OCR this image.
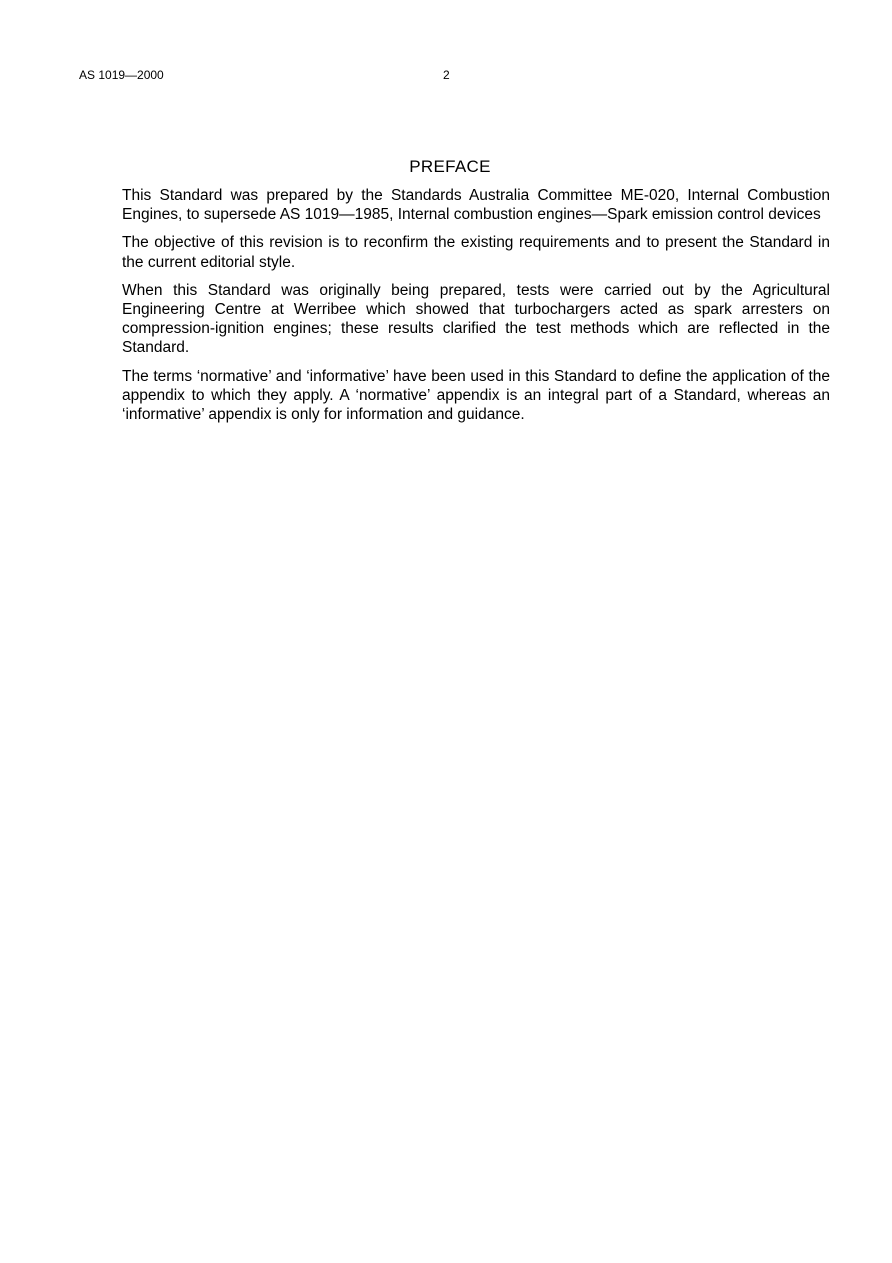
AS 1019—2000	2
PREFACE

This Standard was prepared by the Standards Australia Committee ME-020, Internal Combustion Engines, to supersede AS 1019—1985, Internal combustion engines—Spark emission control devices

The objective of this revision is to reconfirm the existing requirements and to present the Standard in the current editorial style.

When this Standard was originally being prepared, tests were carried out by the Agricultural Engineering Centre at Werribee which showed that turbochargers acted as spark arresters on compression-ignition engines; these results clarified the test methods which are reflected in the Standard.

The terms ‘normative’ and ‘informative’ have been used in this Standard to define the application of the appendix to which they apply. A ‘normative’ appendix is an integral part of a Standard, whereas an ‘informative’ appendix is only for information and guidance.
